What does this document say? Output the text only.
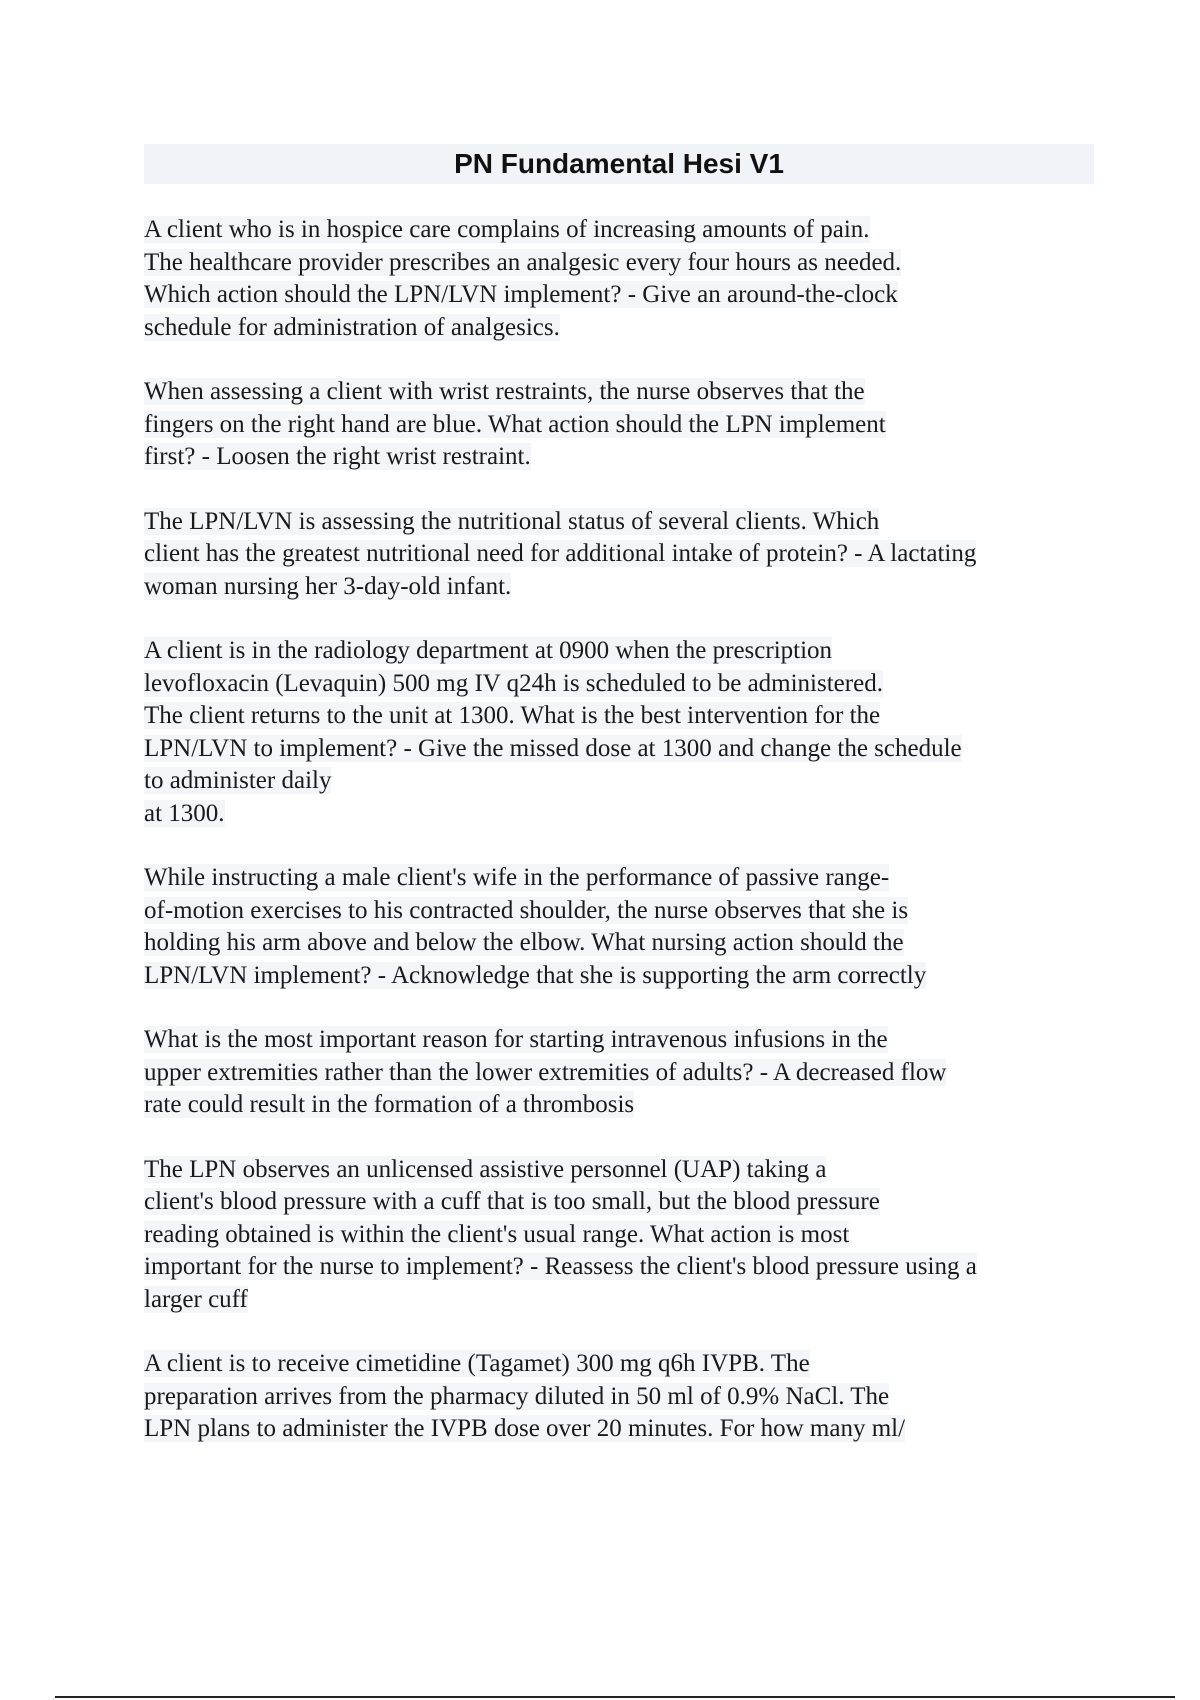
PN Fundamental Hesi V1
A client who is in hospice care complains of increasing amounts of pain.
The healthcare provider prescribes an analgesic every four hours as needed.
Which action should the LPN/LVN implement? - Give an around-the-clock
schedule for administration of analgesics.
When assessing a client with wrist restraints, the nurse observes that the
fingers on the right hand are blue. What action should the LPN implement
first? - Loosen the right wrist restraint.
The LPN/LVN is assessing the nutritional status of several clients. Which
client has the greatest nutritional need for additional intake of protein? - A lactating
woman nursing her 3-day-old infant.
A client is in the radiology department at 0900 when the prescription
levofloxacin (Levaquin) 500 mg IV q24h is scheduled to be administered.
The client returns to the unit at 1300. What is the best intervention for the
LPN/LVN to implement? - Give the missed dose at 1300 and change the schedule
to administer daily
at 1300.
While instructing a male client's wife in the performance of passive range-
of-motion exercises to his contracted shoulder, the nurse observes that she is
holding his arm above and below the elbow. What nursing action should the
LPN/LVN implement? - Acknowledge that she is supporting the arm correctly
What is the most important reason for starting intravenous infusions in the
upper extremities rather than the lower extremities of adults? - A decreased flow
rate could result in the formation of a thrombosis
The LPN observes an unlicensed assistive personnel (UAP) taking a
client's blood pressure with a cuff that is too small, but the blood pressure
reading obtained is within the client's usual range. What action is most
important for the nurse to implement? - Reassess the client's blood pressure using a
larger cuff
A client is to receive cimetidine (Tagamet) 300 mg q6h IVPB. The
preparation arrives from the pharmacy diluted in 50 ml of 0.9% NaCl. The
LPN plans to administer the IVPB dose over 20 minutes. For how many ml/
